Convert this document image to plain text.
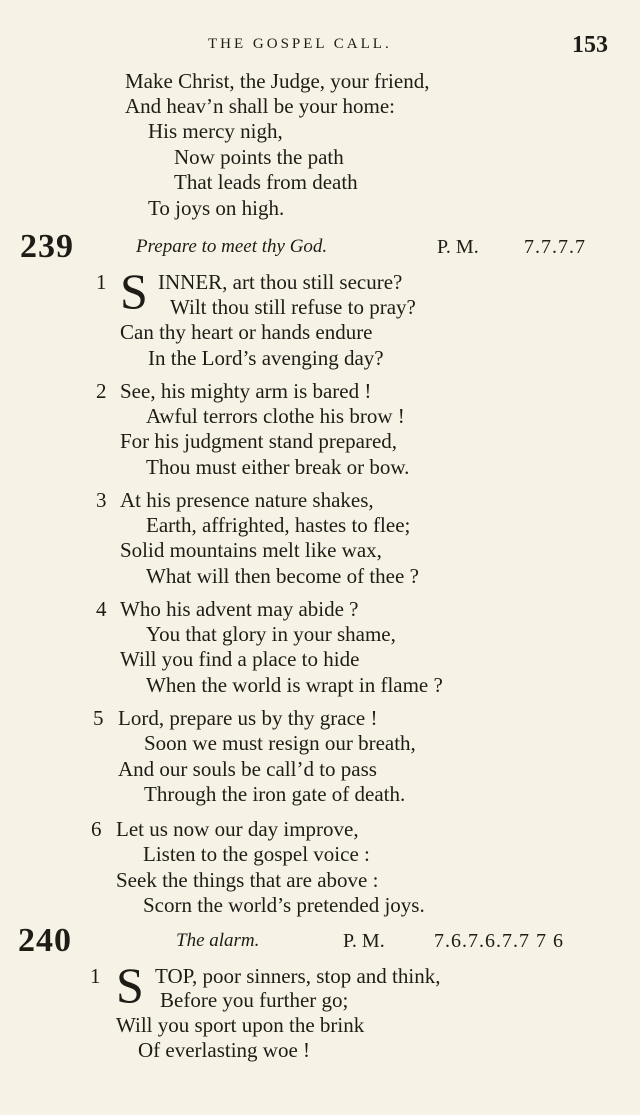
THE GOSPEL CALL.	153
Make Christ, the Judge, your friend,
And heav’n shall be your home:
His mercy nigh,
Now points the path
That leads from death
To joys on high.
239	Prepare to meet thy God.	P. M. 7.7.7.7
1 S INNER, art thou still secure?
Wilt thou still refuse to pray?
Can thy heart or hands endure
In the Lord’s avenging day?
2 See, his mighty arm is bared !
Awful terrors clothe his brow !
For his judgment stand prepared,
Thou must either break or bow.
3 At his presence nature shakes,
Earth, affrighted, hastes to flee;
Solid mountains melt like wax,
What will then become of thee ?
4 Who his advent may abide ?
You that glory in your shame,
Will you find a place to hide
When the world is wrapt in flame ?
5 Lord, prepare us by thy grace !
Soon we must resign our breath,
And our souls be call’d to pass
Through the iron gate of death.
6 Let us now our day improve,
Listen to the gospel voice :
Seek the things that are above :
Scorn the world’s pretended joys.
240	The alarm.	P. M. 7.6.7.6.7.7 7 6
1 S TOP, poor sinners, stop and think,
Before you further go;
Will you sport upon the brink
Of everlasting woe !
